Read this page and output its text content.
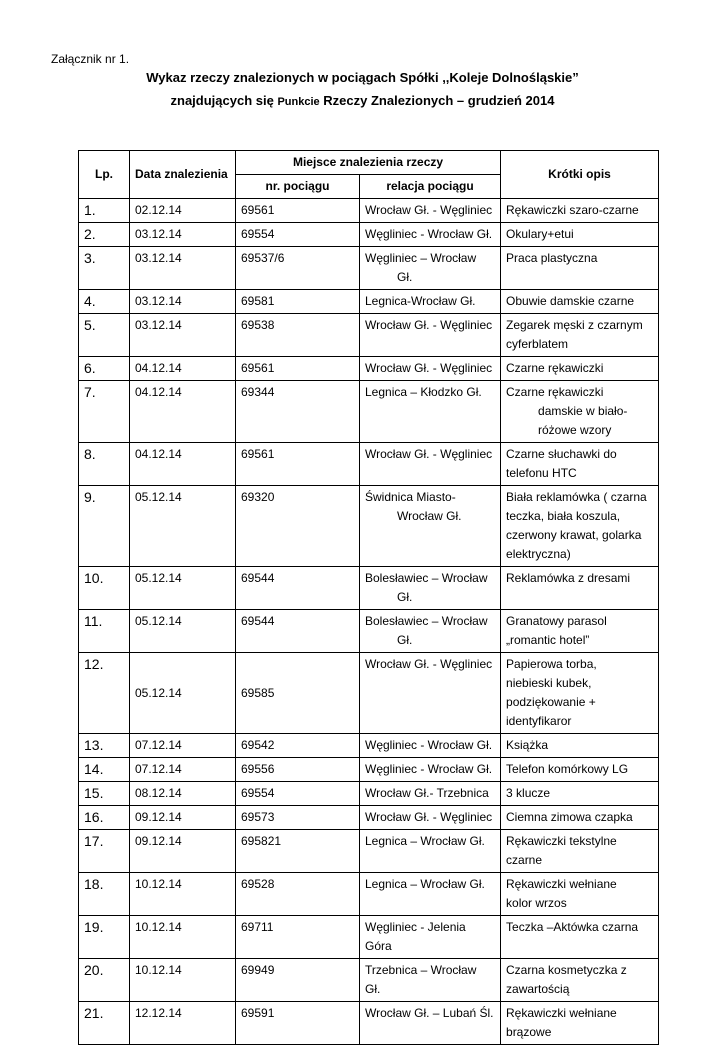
Załącznik nr 1.
Wykaz rzeczy znalezionych w pociągach Spółki ,,Koleje Dolnośląskie”
znajdujących się Punkcie Rzeczy Znalezionych – grudzień 2014
Lp.	Data znalezienia	Miejsce znalezienia rzeczy		Krótki opis
		nr. pociągu	relacja pociągu	
1.	02.12.14	69561	Wrocław Gł. - Węgliniec	Rękawiczki szaro-czarne

2.	03.12.14	69554	Węgliniec - Wrocław Gł.	Okulary+etui

3.	03.12.14	69537/6	Węgliniec – Wrocław
Gł.	Praca plastyczna

4.	03.12.14	69581	Legnica-Wrocław Gł.	Obuwie damskie czarne

5.	03.12.14	69538	Wrocław Gł. - Węgliniec	Zegarek męski z czarnym
cyferblatem

6.	04.12.14	69561	Wrocław Gł. - Węgliniec	Czarne rękawiczki

7.	04.12.14	69344	Legnica – Kłodzko Gł.	Czarne rękawiczki
damskie w biało-
różowe wzory

8.	04.12.14	69561	Wrocław Gł. - Węgliniec	Czarne słuchawki do
telefonu HTC

9.	05.12.14	69320	Świdnica Miasto-
Wrocław Gł.	Biała reklamówka ( czarna
teczka, biała koszula,
czerwony krawat, golarka
elektryczna)

10.	05.12.14	69544	Bolesławiec – Wrocław
Gł.	Reklamówka z dresami

11.	05.12.14	69544	Bolesławiec – Wrocław
Gł.	Granatowy parasol
„romantic hotel”

12.	05.12.14	69585	Wrocław Gł. - Węgliniec	Papierowa torba,
niebieski kubek,
podziękowanie +
identyfikaror

13.	07.12.14	69542	Węgliniec - Wrocław Gł.	Książka

14.	07.12.14	69556	Węgliniec - Wrocław Gł.	Telefon komórkowy LG

15.	08.12.14	69554	Wrocław Gł.- Trzebnica	3 klucze

16.	09.12.14	69573	Wrocław Gł. - Węgliniec	Ciemna zimowa czapka

17.	09.12.14	695821	Legnica – Wrocław Gł.	Rękawiczki tekstylne
czarne

18.	10.12.14	69528	Legnica – Wrocław Gł.	Rękawiczki wełniane
kolor wrzos

19.	10.12.14	69711	Węgliniec - Jelenia Góra	Teczka –Aktówka czarna

20.	10.12.14	69949	Trzebnica – Wrocław Gł.	Czarna kosmetyczka z
zawartością

21.	12.12.14	69591	Wrocław Gł. – Lubań Śl.	Rękawiczki wełniane
brązowe
